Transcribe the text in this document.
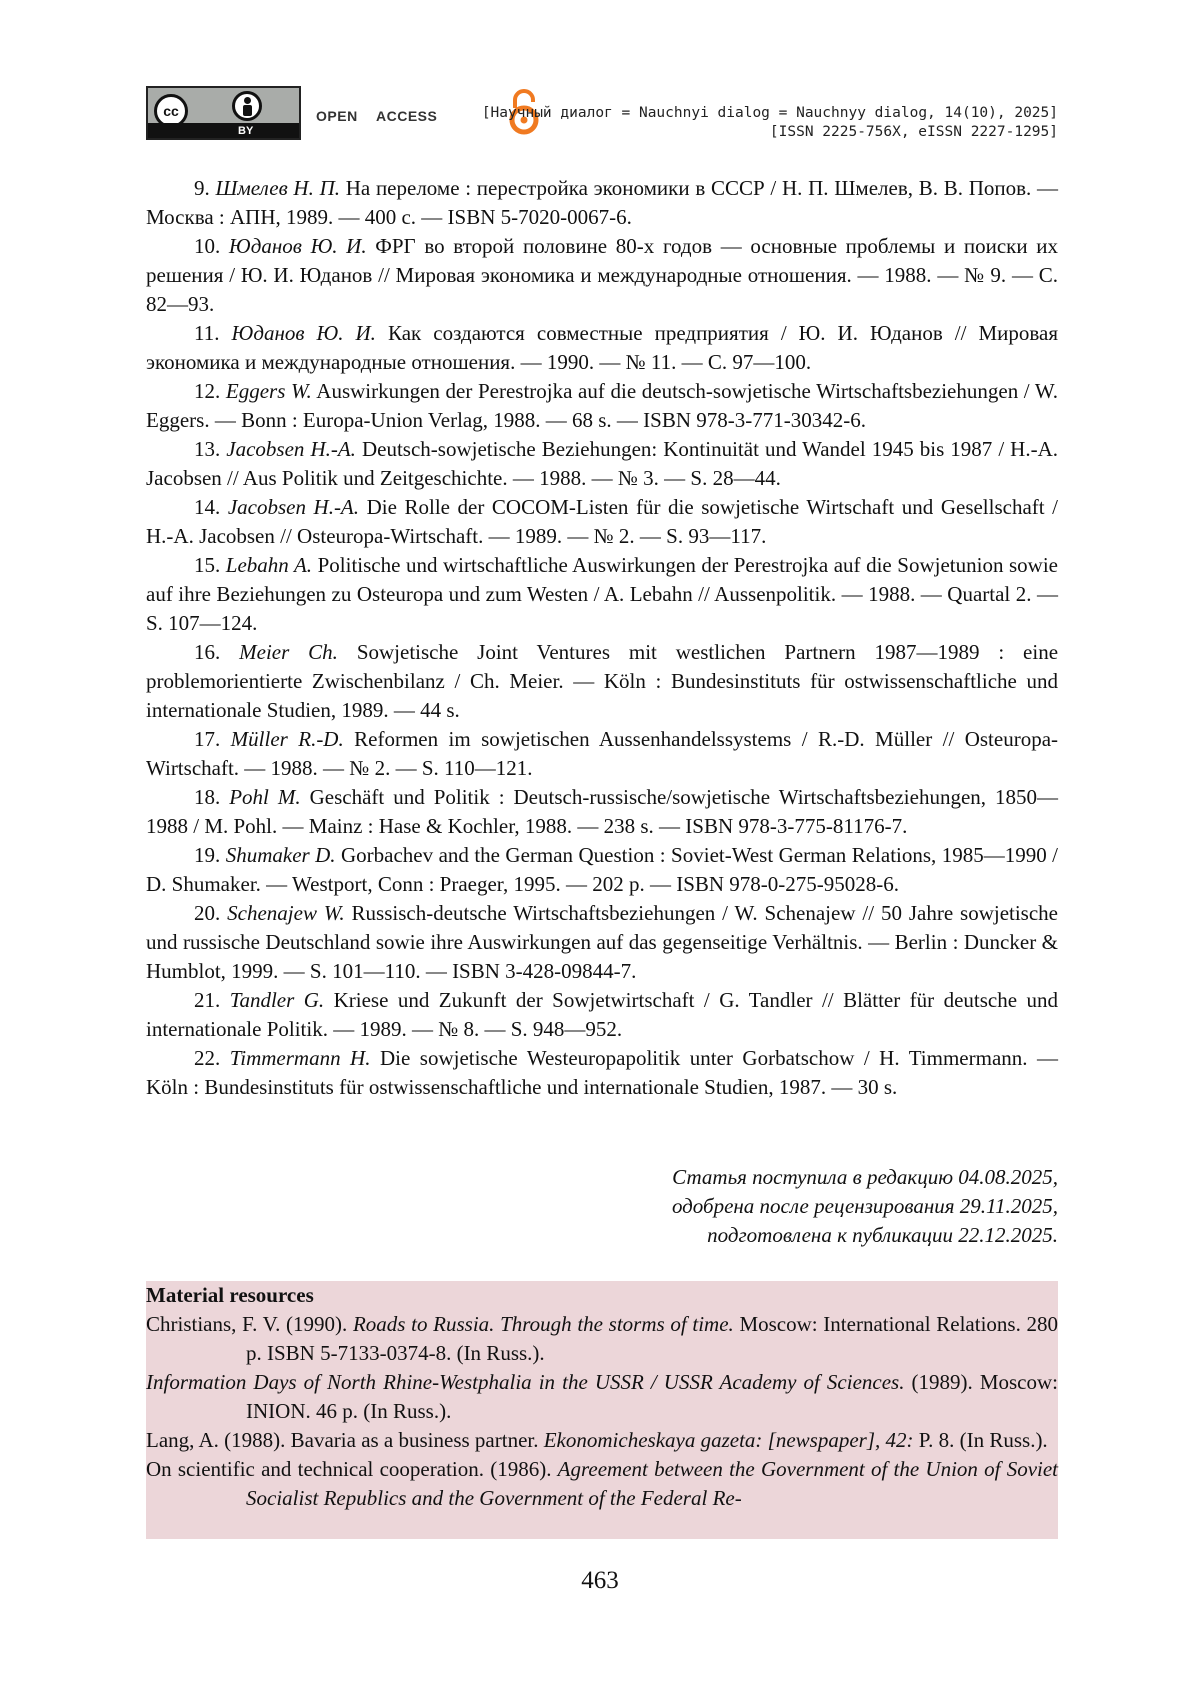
cc
BY
OPEN ACCESS	[Научный диалог = Nauchnyi dialog = Nauchnyy dialog, 14(10), 2025]
[ISSN 2225-756X, eISSN 2227-1295]

9. Шмелев Н. П. На переломе : перестройка экономики в СССР / Н. П. Шмелев, В. В. Попов. — Москва : АПН, 1989. — 400 с. — ISBN 5-7020-0067-6.

10. Юданов Ю. И. ФРГ во второй половине 80-х годов — основные проблемы и поиски их решения / Ю. И. Юданов // Мировая экономика и международные отношения. — 1988. — № 9. — С. 82—93.

11. Юданов Ю. И. Как создаются совместные предприятия / Ю. И. Юданов // Мировая экономика и международные отношения. — 1990. — № 11. — С. 97—100.

12. Eggers W. Auswirkungen der Perestrojka auf die deutsch-sowjetische Wirtschaftsbeziehungen / W. Eggers. — Bonn : Europa-Union Verlag, 1988. — 68 s. — ISBN 978-3-771-30342-6.

13. Jacobsen H.-A. Deutsch-sowjetische Beziehungen: Kontinuität und Wandel 1945 bis 1987 / H.-A. Jacobsen // Aus Politik und Zeitgeschichte. — 1988. — № 3. — S. 28—44.

14. Jacobsen H.-A. Die Rolle der COCOM-Listen für die sowjetische Wirtschaft und Gesellschaft / H.-A. Jacobsen // Osteuropa-Wirtschaft. — 1989. — № 2. — S. 93—117.

15. Lebahn A. Politische und wirtschaftliche Auswirkungen der Perestrojka auf die Sowjetunion sowie auf ihre Beziehungen zu Osteuropa und zum Westen / A. Lebahn // Aussenpolitik. — 1988. — Quartal 2. — S. 107—124.

16. Meier Ch. Sowjetische Joint Ventures mit westlichen Partnern 1987—1989 : eine problemorientierte Zwischenbilanz / Ch. Meier. — Köln : Bundesinstituts für ostwissenschaftliche und internationale Studien, 1989. — 44 s.

17. Müller R.-D. Reformen im sowjetischen Aussenhandelssystems / R.-D. Müller // Osteuropa-Wirtschaft. — 1988. — № 2. — S. 110—121.

18. Pohl M. Geschäft und Politik : Deutsch-russische/sowjetische Wirtschaftsbeziehungen, 1850—1988 / M. Pohl. — Mainz : Hase & Kochler, 1988. — 238 s. — ISBN 978-3-775-81176-7.

19. Shumaker D. Gorbachev and the German Question : Soviet-West German Relations, 1985—1990 / D. Shumaker. — Westport, Conn : Praeger, 1995. — 202 p. — ISBN 978-0-275-95028-6.

20. Schenajew W. Russisch-deutsche Wirtschaftsbeziehungen / W. Schenajew // 50 Jahre sowjetische und russische Deutschland sowie ihre Auswirkungen auf das gegenseitige Verhältnis. — Berlin : Duncker & Humblot, 1999. — S. 101—110. — ISBN 3-428-09844-7.

21. Tandler G. Kriese und Zukunft der Sowjetwirtschaft / G. Tandler // Blätter für deutsche und internationale Politik. — 1989. — № 8. — S. 948—952.

22. Timmermann H. Die sowjetische Westeuropapolitik unter Gorbatschow / H. Timmermann. — Köln : Bundesinstituts für ostwissenschaftliche und internationale Studien, 1987. — 30 s.

Статья поступила в редакцию 04.08.2025,
одобрена после рецензирования 29.11.2025,
подготовлена к публикации 22.12.2025.
Material resources

Christians, F. V. (1990). Roads to Russia. Through the storms of time. Moscow: International Relations. 280 p. ISBN 5-7133-0374-8. (In Russ.).

Information Days of North Rhine-Westphalia in the USSR / USSR Academy of Sciences. (1989). Moscow: INION. 46 p. (In Russ.).

Lang, A. (1988). Bavaria as a business partner. Ekonomicheskaya gazeta: [newspaper], 42: P. 8. (In Russ.).

On scientific and technical cooperation. (1986). Agreement between the Government of the Union of Soviet Socialist Republics and the Government of the Federal Re-

463
